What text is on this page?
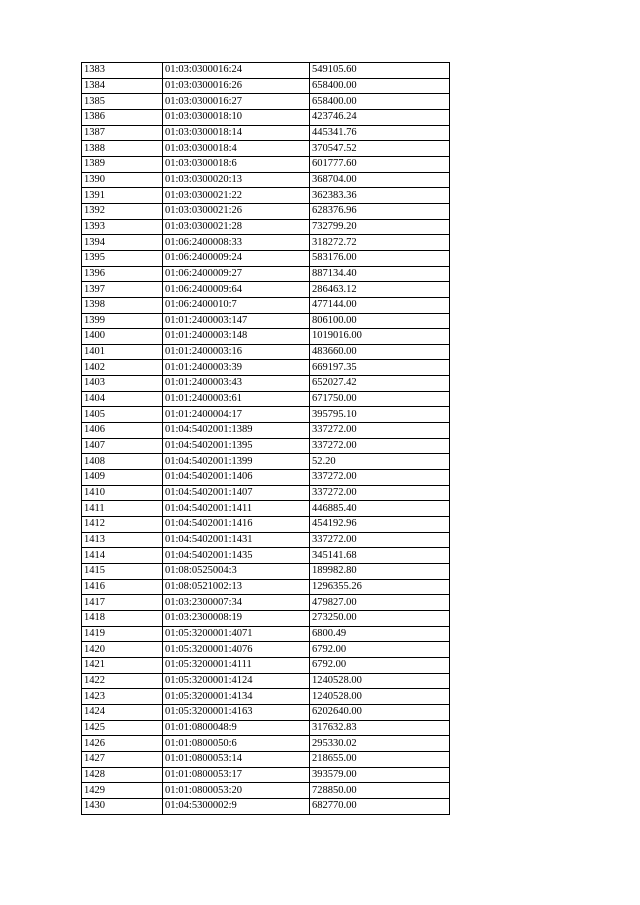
1383	01:03:0300016:24	549105.60
1384	01:03:0300016:26	658400.00
1385	01:03:0300016:27	658400.00
1386	01:03:0300018:10	423746.24
1387	01:03:0300018:14	445341.76
1388	01:03:0300018:4	370547.52
1389	01:03:0300018:6	601777.60
1390	01:03:0300020:13	368704.00
1391	01:03:0300021:22	362383.36
1392	01:03:0300021:26	628376.96
1393	01:03:0300021:28	732799.20
1394	01:06:2400008:33	318272.72
1395	01:06:2400009:24	583176.00
1396	01:06:2400009:27	887134.40
1397	01:06:2400009:64	286463.12
1398	01:06:2400010:7	477144.00
1399	01:01:2400003:147	806100.00
1400	01:01:2400003:148	1019016.00
1401	01:01:2400003:16	483660.00
1402	01:01:2400003:39	669197.35
1403	01:01:2400003:43	652027.42
1404	01:01:2400003:61	671750.00
1405	01:01:2400004:17	395795.10
1406	01:04:5402001:1389	337272.00
1407	01:04:5402001:1395	337272.00
1408	01:04:5402001:1399	52.20
1409	01:04:5402001:1406	337272.00
1410	01:04:5402001:1407	337272.00
1411	01:04:5402001:1411	446885.40
1412	01:04:5402001:1416	454192.96
1413	01:04:5402001:1431	337272.00
1414	01:04:5402001:1435	345141.68
1415	01:08:0525004:3	189982.80
1416	01:08:0521002:13	1296355.26
1417	01:03:2300007:34	479827.00
1418	01:03:2300008:19	273250.00
1419	01:05:3200001:4071	6800.49
1420	01:05:3200001:4076	6792.00
1421	01:05:3200001:4111	6792.00
1422	01:05:3200001:4124	1240528.00
1423	01:05:3200001:4134	1240528.00
1424	01:05:3200001:4163	6202640.00
1425	01:01:0800048:9	317632.83
1426	01:01:0800050:6	295330.02
1427	01:01:0800053:14	218655.00
1428	01:01:0800053:17	393579.00
1429	01:01:0800053:20	728850.00
1430	01:04:5300002:9	682770.00
